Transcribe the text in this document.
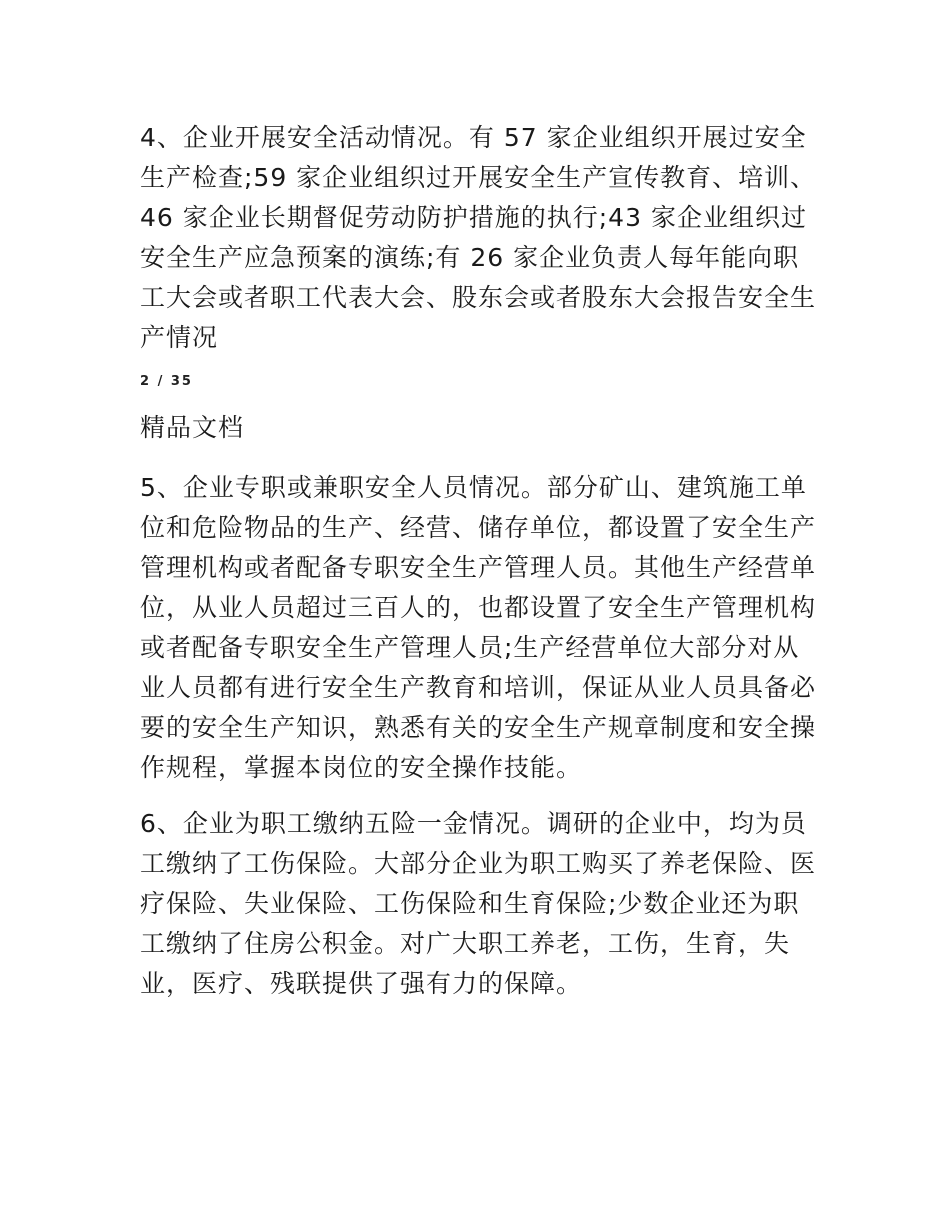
4、企业开展安全活动情况。有 57 家企业组织开展过安全生产检查;59 家企业组织过开展安全生产宣传教育、培训、46 家企业长期督促劳动防护措施的执行;43 家企业组织过安全生产应急预案的演练;有 26 家企业负责人每年能向职工大会或者职工代表大会、股东会或者股东大会报告安全生产情况

2 / 35
精品文档

5、企业专职或兼职安全人员情况。部分矿山、建筑施工单位和危险物品的生产、经营、储存单位，都设置了安全生产管理机构或者配备专职安全生产管理人员。其他生产经营单位，从业人员超过三百人的，也都设置了安全生产管理机构或者配备专职安全生产管理人员;生产经营单位大部分对从业人员都有进行安全生产教育和培训，保证从业人员具备必要的安全生产知识，熟悉有关的安全生产规章制度和安全操作规程，掌握本岗位的安全操作技能。

6、企业为职工缴纳五险一金情况。调研的企业中，均为员工缴纳了工伤保险。大部分企业为职工购买了养老保险、医疗保险、失业保险、工伤保险和生育保险;少数企业还为职工缴纳了住房公积金。对广大职工养老，工伤，生育，失业，医疗、残联提供了强有力的保障。
